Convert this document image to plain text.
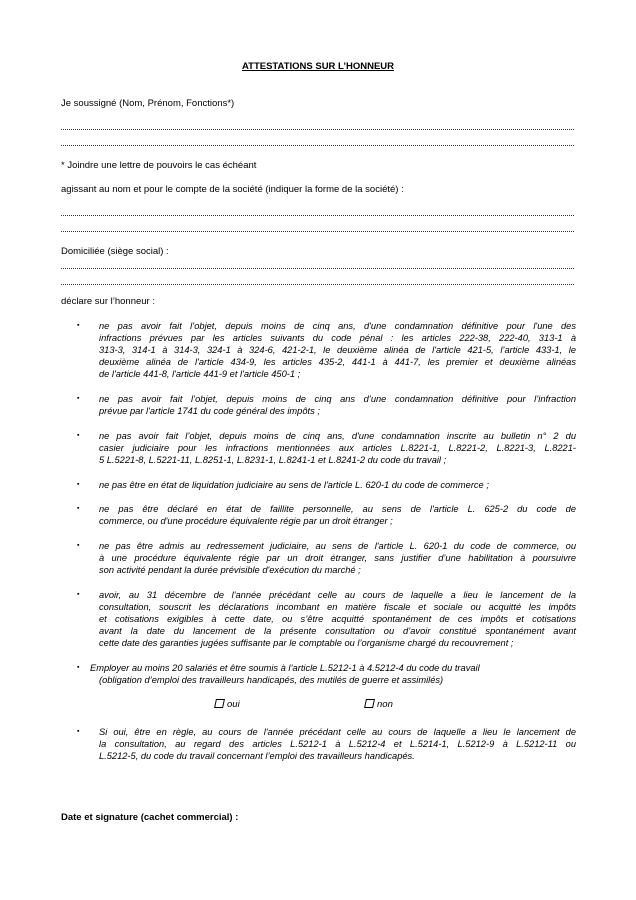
ATTESTATIONS SUR L’HONNEUR
Je soussigné (Nom, Prénom, Fonctions*)
* Joindre une lettre de pouvoirs le cas échéant
agissant au nom et pour le compte de la société (indiquer la forme de la société) :
Domiciliée (siège social) :
déclare sur l’honneur :
▪	ne pas avoir fait l’objet, depuis moins de cinq ans, d'une condamnation définitive pour l'une des
infractions prévues par les articles suivants du code pénal : les articles 222-38, 222-40, 313-1 à
313-3, 314-1 à 314-3, 324-1 à 324-6, 421-2-1, le deuxième alinéa de l'article 421-5, l’article 433-1, le
deuxième alinéa de l'article 434-9, les articles 435-2, 441-1 à 441-7, les premier et deuxième alinéas
de l'article 441-8, l'article 441-9 et l'article 450-1 ;
▪	ne pas avoir fait l’objet, depuis moins de cinq ans d’une condamnation définitive pour l’infraction
prévue par l'article 1741 du code général des impôts ;
▪	ne pas avoir fait l’objet, depuis moins de cinq ans, d'une condamnation inscrite au bulletin n° 2 du
casier judiciaire pour les infractions mentionnées aux articles L.8221-1, L.8221-2, L.8221-3, L.8221-
5 L.5221-8, L.5221-11, L.8251-1, L.8231-1, L.8241-1 et L.8241-2 du code du travail ;
▪	ne pas être en état de liquidation judiciaire au sens de l'article L. 620-1 du code de commerce ;
▪	ne pas être déclaré en état de faillite personnelle, au sens de l'article L. 625-2 du code de
commerce, ou d'une procédure équivalente régie par un droit étranger ;
▪	ne pas être admis au redressement judiciaire, au sens de l'article L. 620-1 du code de commerce, ou
à une procédure équivalente régie par un droit étranger, sans justifier d’une habilitation à poursuivre
son activité pendant la durée prévisible d'exécution du marché ;
▪	avoir, au 31 décembre de l'année précédant celle au cours de laquelle a lieu le lancement de la
consultation, souscrit les déclarations incombant en matière fiscale et sociale ou acquitté les impôts
et cotisations exigibles à cette date, ou s’être acquitté spontanément de ces impôts et cotisations
avant la date du lancement de la présente consultation ou d’avoir constitué spontanément avant
cette date des garanties jugées suffisante par le comptable ou l’organisme chargé du recouvrement ;
▪	Employer au moins 20 salariés et être soumis à l’article L.5212-1 à 4.5212-4 du code du travail
(obligation d’emploi des travailleurs handicapés, des mutilés de guerre et assimilés)
oui	non
▪	Si oui, être en règle, au cours de l'année précédant celle au cours de laquelle a lieu le lancement de
la consultation, au regard des articles L.5212-1 à L.5212-4 et L.5214-1, L.5212-9 à L.5212-11 ou
L.5212-5, du code du travail concernant l’emploi des travailleurs handicapés.
Date et signature (cachet commercial) :
